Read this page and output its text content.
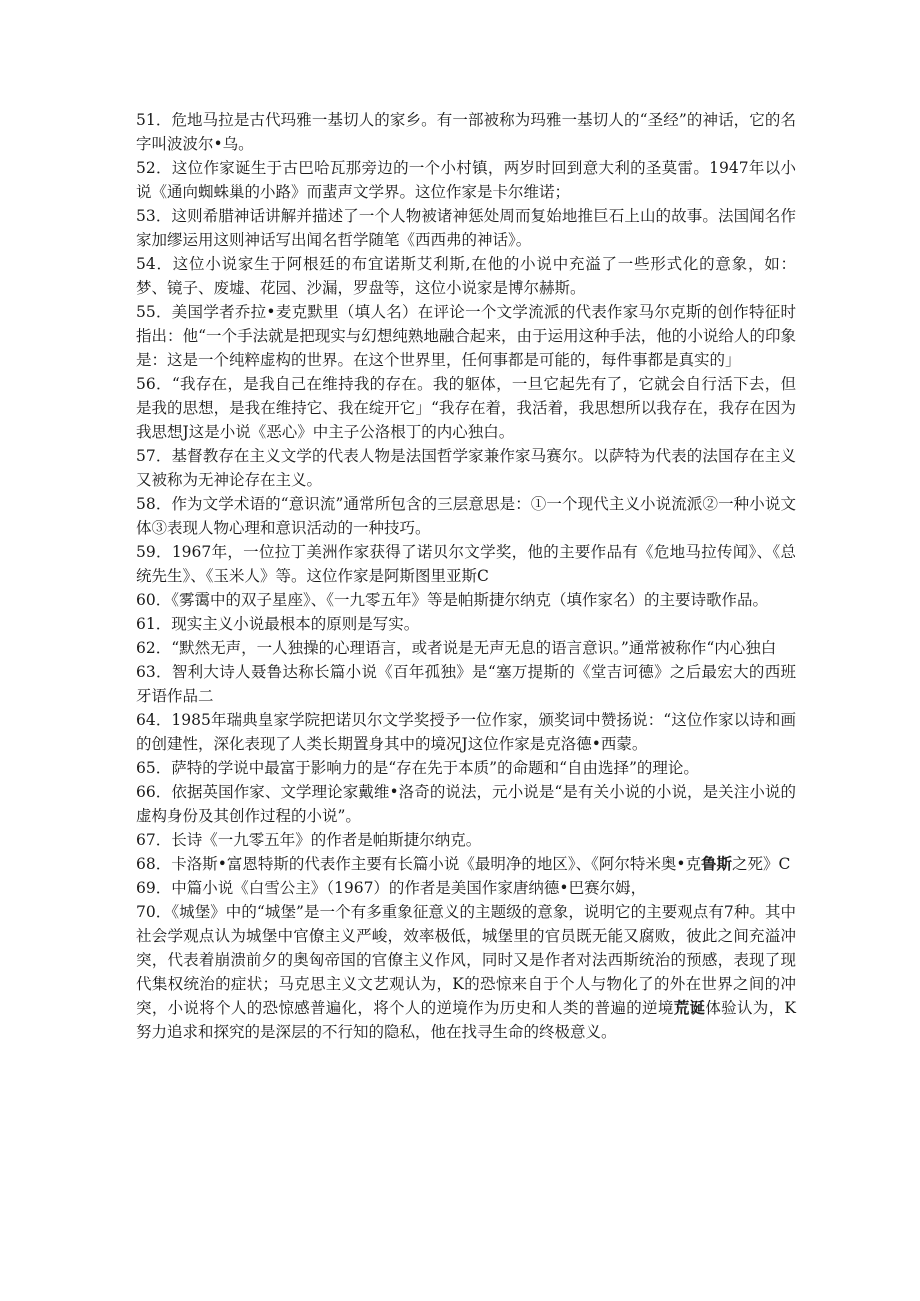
51．危地马拉是古代玛雅一基切人的家乡。有一部被称为玛雅一基切人的“圣经”的神话，它的名字叫波波尔•乌。

52．这位作家诞生于古巴哈瓦那旁边的一个小村镇，两岁时回到意大利的圣莫雷。1947年以小说《通向蜘蛛巢的小路》而蜚声文学界。这位作家是卡尔维诺；

53．这则希腊神话讲解并描述了一个人物被诸神惩处周而复始地推巨石上山的故事。法国闻名作家加缪运用这则神话写出闻名哲学随笔《西西弗的神话》。

54．这位小说家生于阿根廷的布宜诺斯艾利斯,在他的小说中充溢了一些形式化的意象，如：梦、镜子、废墟、花园、沙漏，罗盘等，这位小说家是博尔赫斯。

55．美国学者乔拉•麦克默里（填人名）在评论一个文学流派的代表作家马尔克斯的创作特征时指出：他“一个手法就是把现实与幻想纯熟地融合起来，由于运用这种手法，他的小说给人的印象是：这是一个纯粹虚构的世界。在这个世界里，任何事都是可能的，每件事都是真实的」

56．“我存在，是我自己在维持我的存在。我的躯体，一旦它起先有了，它就会自行活下去，但是我的思想，是我在维持它、我在绽开它」“我存在着，我活着，我思想所以我存在，我存在因为我思想J这是小说《恶心》中主子公洛根丁的内心独白。

57．基督教存在主义文学的代表人物是法国哲学家兼作家马赛尔。以萨特为代表的法国存在主义又被称为无神论存在主义。

58．作为文学术语的“意识流”通常所包含的三层意思是：①一个现代主义小说流派②一种小说文体③表现人物心理和意识活动的一种技巧。

59．1967年，一位拉丁美洲作家获得了诺贝尔文学奖，他的主要作品有《危地马拉传闻》、《总统先生》、《玉米人》等。这位作家是阿斯图里亚斯C

60．《雾霭中的双子星座》、《一九零五年》等是帕斯捷尔纳克（填作家名）的主要诗歌作品。

61．现实主义小说最根本的原则是写实。

62．“默然无声，一人独操的心理语言，或者说是无声无息的语言意识。”通常被称作“内心独白

63．智利大诗人聂鲁达称长篇小说《百年孤独》是“塞万提斯的《堂吉诃德》之后最宏大的西班牙语作品二

64．1985年瑞典皇家学院把诺贝尔文学奖授予一位作家，颁奖词中赞扬说：“这位作家以诗和画的创建性，深化表现了人类长期置身其中的境况J这位作家是克洛德•西蒙。

65．萨特的学说中最富于影响力的是“存在先于本质”的命题和“自由选择”的理论。

66．依据英国作家、文学理论家戴维•洛奇的说法，元小说是“是有关小说的小说，是关注小说的虚构身份及其创作过程的小说”。

67．长诗《一九零五年》的作者是帕斯捷尔纳克。

68．卡洛斯•富恩特斯的代表作主要有长篇小说《最明净的地区》、《阿尔特米奥•克鲁斯之死》C

69．中篇小说《白雪公主》（1967）的作者是美国作家唐纳德•巴赛尔姆，

70．《城堡》中的“城堡”是一个有多重象征意义的主题级的意象，说明它的主要观点有7种。其中社会学观点认为城堡中官僚主义严峻，效率极低，城堡里的官员既无能又腐败，彼此之间充溢冲突，代表着崩溃前夕的奥匈帝国的官僚主义作风，同时又是作者对法西斯统治的预感，表现了现代集权统治的症状；马克思主义文艺观认为，K的恐惊来自于个人与物化了的外在世界之间的冲突，小说将个人的恐惊感普遍化，将个人的逆境作为历史和人类的普遍的逆境荒诞体验认为，K努力追求和探究的是深层的不行知的隐私，他在找寻生命的终极意义。
